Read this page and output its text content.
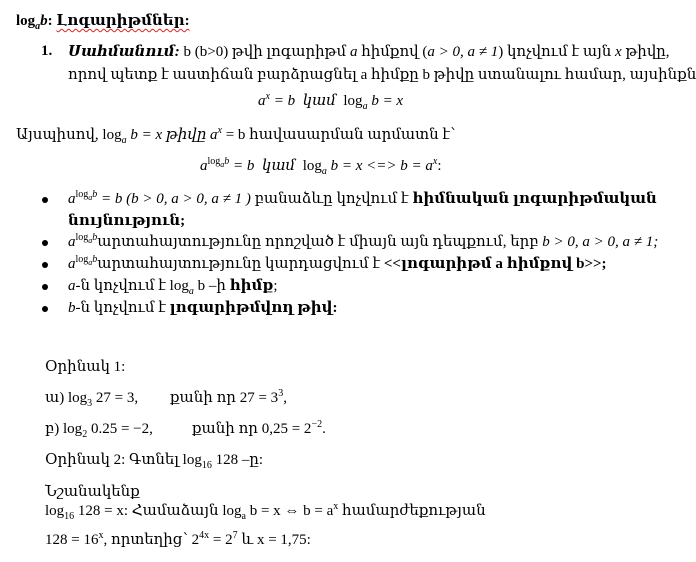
$\log_ab$: Լոգարիթմներ:
1. Սահմանում: b (b>0) թվի լոգարիթմ a հիմքով (a > 0, a ≠ 1) կոչվում է այն x թիվը,
որով պետք է աստիճան բարձրացնել a հիմքը b թիվը ստանալու համար, այսինքն
$a^x = b$ կամ $\log_a b = x$
Այսպիսով, $\log_a b = x$ թիվը $a^x = b$ հավասարման արմատն է՝
$a^{log_ab} = b$ կամ $\log_a b = x$ <=> $b = a^x$:
$a^{log_ab} = b$ (b > 0, a > 0, a ≠ 1 ) բանաձևը կոչվում է հիմնական լոգարիթմական
նույնություն;
$a^{log_ab}արտահայտությունը$ որոշված է միայն այն դեպքում, երբ b > 0, a > 0, a ≠ 1;
$a^{log_ab}արտահայտությունը$ կարդացվում է <<լոգարիթմ a հիմքով b>>;
a-ն կոչվում է $\log_a b$ –ի հիմք;
b-ն կոչվում է լոգարիթմվող թիվ:
Օրինակ 1:
ա) $\log_3 27 = 3$, քանի որ $27 = 3^3$,
բ) $\log_2 0.25 = -2$,	քանի որ $0,25 = 2^{-2}$.
Օրինակ 2: Գտնել $\log_{16} 128$ –ը:
Նշանակենք
$\log_{16} 128 = x$: Համաձայն $\log_a b = x$ ⇔ $b = a^x$ համարժեքության
$128 = 16^x$, որտեղից՝ $2^{4x} = 2^7$ և x = 1,75:
